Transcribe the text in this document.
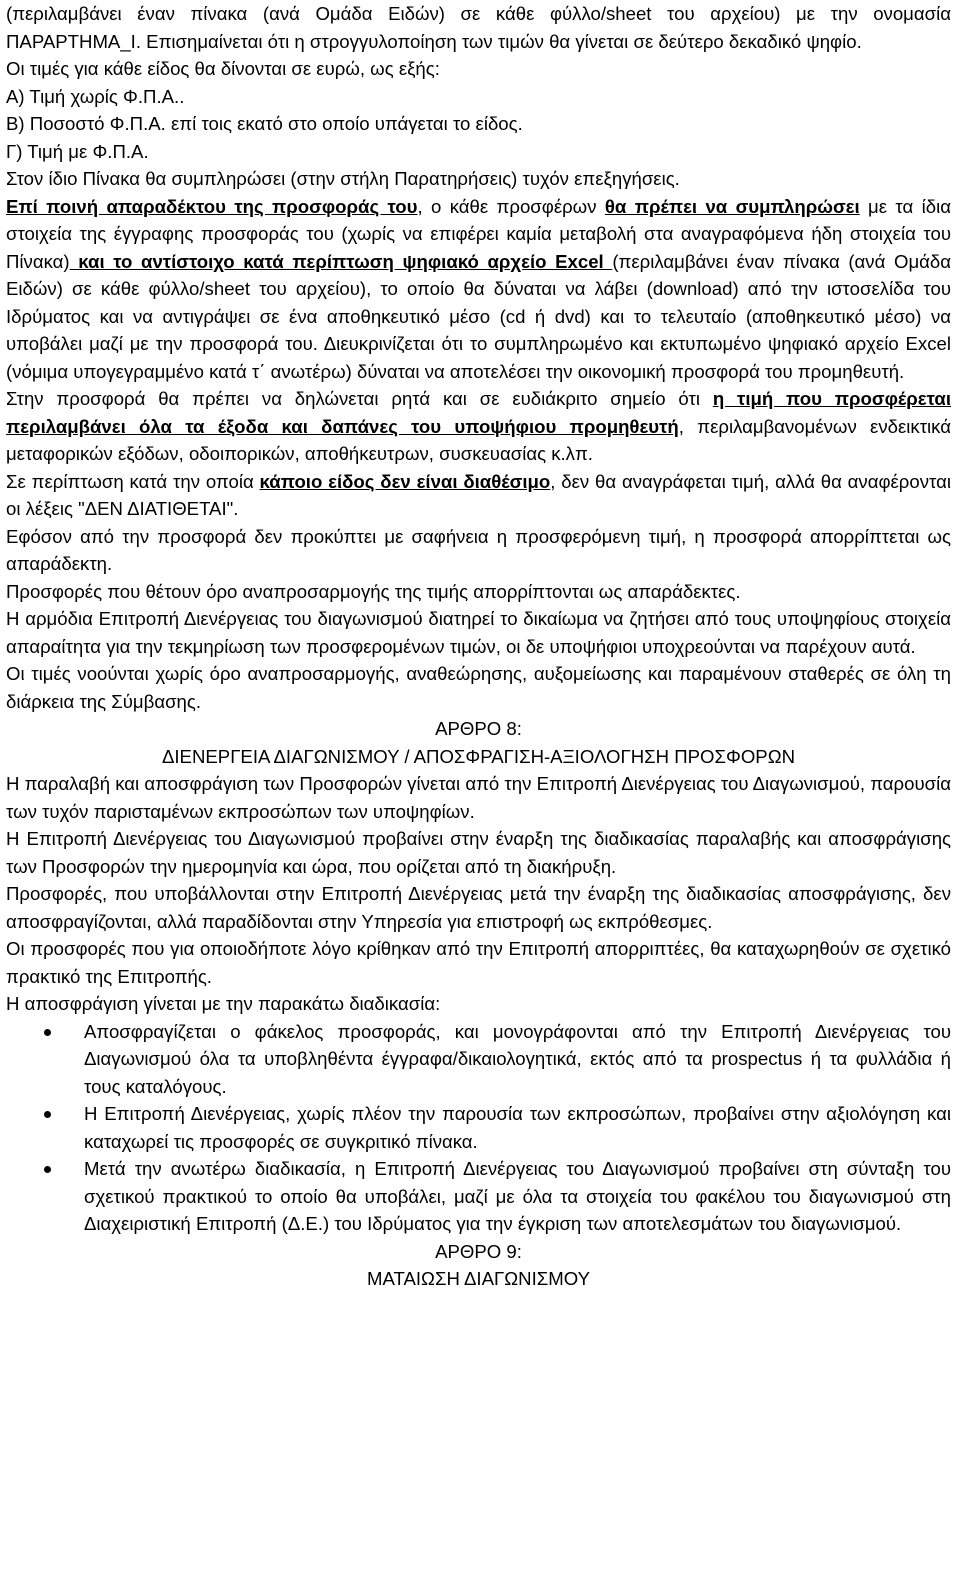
(περιλαμβάνει έναν πίνακα (ανά Ομάδα Ειδών) σε κάθε φύλλο/sheet του αρχείου) με την ονομασία ΠΑΡΑΡΤΗΜΑ_Ι. Επισημαίνεται ότι η στρογγυλοποίηση των τιμών θα γίνεται σε δεύτερο δεκαδικό ψηφίο.

Οι τιμές για κάθε είδος θα δίνονται σε ευρώ, ως εξής:

Α) Τιμή χωρίς Φ.Π.Α..

Β) Ποσοστό Φ.Π.Α. επί τοις εκατό στο οποίο υπάγεται το είδος.

Γ) Τιμή με Φ.Π.Α.

Στον ίδιο Πίνακα θα συμπληρώσει (στην στήλη Παρατηρήσεις) τυχόν επεξηγήσεις.

Επί ποινή απαραδέκτου της προσφοράς του, ο κάθε προσφέρων θα πρέπει να συμπληρώσει με τα ίδια στοιχεία της έγγραφης προσφοράς του (χωρίς να επιφέρει καμία μεταβολή στα αναγραφόμενα ήδη στοιχεία του Πίνακα) και το αντίστοιχο κατά περίπτωση ψηφιακό αρχείο Excel (περιλαμβάνει έναν πίνακα (ανά Ομάδα Ειδών) σε κάθε φύλλο/sheet του αρχείου), το οποίο θα δύναται να λάβει (download) από την ιστοσελίδα του Ιδρύματος και να αντιγράψει σε ένα αποθηκευτικό μέσο (cd ή dvd) και το τελευταίο (αποθηκευτικό μέσο) να υποβάλει μαζί με την προσφορά του. Διευκρινίζεται ότι το συμπληρωμένο και εκτυπωμένο ψηφιακό αρχείο Excel (νόμιμα υπογεγραμμένο κατά τ΄ ανωτέρω) δύναται να αποτελέσει την οικονομική προσφορά του προμηθευτή.

Στην προσφορά θα πρέπει να δηλώνεται ρητά και σε ευδιάκριτο σημείο ότι η τιμή που προσφέρεται περιλαμβάνει όλα τα έξοδα και δαπάνες του υποψήφιου προμηθευτή, περιλαμβανομένων ενδεικτικά μεταφορικών εξόδων, οδοιπορικών, αποθήκευτρων, συσκευασίας κ.λπ.

Σε περίπτωση κατά την οποία κάποιο είδος δεν είναι διαθέσιμο, δεν θα αναγράφεται τιμή, αλλά θα αναφέρονται οι λέξεις "ΔΕΝ ΔΙΑΤΙΘΕΤΑΙ".

Εφόσον από την προσφορά δεν προκύπτει με σαφήνεια η προσφερόμενη τιμή, η προσφορά απορρίπτεται ως απαράδεκτη.

Προσφορές που θέτουν όρο αναπροσαρμογής της τιμής απορρίπτονται ως απαράδεκτες.

Η αρμόδια Επιτροπή Διενέργειας του διαγωνισμού διατηρεί το δικαίωμα να ζητήσει από τους υποψηφίους στοιχεία απαραίτητα για την τεκμηρίωση των προσφερομένων τιμών, οι δε υποψήφιοι υποχρεούνται να παρέχουν αυτά.

Οι τιμές νοούνται χωρίς όρο αναπροσαρμογής, αναθεώρησης, αυξομείωσης και παραμένουν σταθερές σε όλη τη διάρκεια της Σύμβασης.

ΑΡΘΡΟ 8:

ΔΙΕΝΕΡΓΕΙΑ ΔΙΑΓΩΝΙΣΜΟΥ / ΑΠΟΣΦΡΑΓΙΣΗ-ΑΞΙΟΛΟΓΗΣΗ ΠΡΟΣΦΟΡΩΝ

Η παραλαβή και αποσφράγιση των Προσφορών γίνεται από την Επιτροπή Διενέργειας του Διαγωνισμού, παρουσία των τυχόν παρισταμένων εκπροσώπων των υποψηφίων.

Η Επιτροπή Διενέργειας του Διαγωνισμού προβαίνει στην έναρξη της διαδικασίας παραλαβής και αποσφράγισης των Προσφορών την ημερομηνία και ώρα, που ορίζεται από τη διακήρυξη.

Προσφορές, που υποβάλλονται στην Επιτροπή Διενέργειας μετά την έναρξη της διαδικασίας αποσφράγισης, δεν αποσφραγίζονται, αλλά παραδίδονται στην Υπηρεσία για επιστροφή ως εκπρόθεσμες.

Οι προσφορές που για οποιοδήποτε λόγο κρίθηκαν από την Επιτροπή απορριπτέες, θα καταχωρηθούν σε σχετικό πρακτικό της Επιτροπής.

Η αποσφράγιση γίνεται με την παρακάτω διαδικασία:

Αποσφραγίζεται ο φάκελος προσφοράς, και μονογράφονται από την Επιτροπή Διενέργειας του Διαγωνισμού όλα τα υποβληθέντα έγγραφα/δικαιολογητικά, εκτός από τα prospectus ή τα φυλλάδια ή τους καταλόγους.
Η Επιτροπή Διενέργειας, χωρίς πλέον την παρουσία των εκπροσώπων, προβαίνει στην αξιολόγηση και καταχωρεί τις προσφορές σε συγκριτικό πίνακα.
Μετά την ανωτέρω διαδικασία, η Επιτροπή Διενέργειας του Διαγωνισμού προβαίνει στη σύνταξη του σχετικού πρακτικού το οποίο θα υποβάλει, μαζί με όλα τα στοιχεία του φακέλου του διαγωνισμού στη Διαχειριστική Επιτροπή (Δ.Ε.) του Ιδρύματος για την έγκριση των αποτελεσμάτων του διαγωνισμού.

ΑΡΘΡΟ 9:

ΜΑΤΑΙΩΣΗ ΔΙΑΓΩΝΙΣΜΟΥ
